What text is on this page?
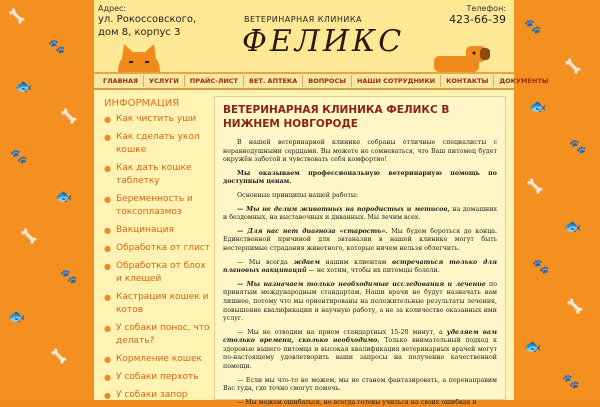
🦴
🐾
🐟
🦴
🐾
🐟
🦴
🐾
🐟
🦴
🐾
🦴
🐟
🐾
🦴
🐟
🐾
🦴
🐟
🐾
Адрес:
ул. Рокоссовского,
дом 8, корпус 3
Телефон:
423-66-39
ВЕТЕРИНАРНАЯ КЛИНИКА
ФЕЛИКС
ГЛАВНАЯ	УСЛУГИ	ПРАЙС-ЛИСТ	ВЕТ. АПТЕКА	ВОПРОСЫ	НАШИ СОТРУДНИКИ	КОНТАКТЫ	ДОКУМЕНТЫ
ИНФОРМАЦИЯ
● Как чистить уши
● Как сделать укол кошке
● Как дать кошке таблетку
● Беременность и токсоплазмоз
● Вакцинация
● Обработка от глист
● Обработка от блох и клещей
● Кастрация кошек и котов
● У собаки понос, что делать?
● Кормление кошек
● У собаки перхоть
● У собаки запор
ВЕТЕРИНАРНАЯ КЛИНИКА ФЕЛИКС В НИЖНЕМ НОВГОРОДЕ

В нашей ветеринарной клинике собраны отличные специалисты с неравнодушными сердцами. Вы можете не сомневаться, что Ваш питомец будет окружён заботой и чувствовать себя комфортно!

Мы оказываем профессиональную ветеринарную помощь по доступным ценам.

Основные принципы нашей работы:

— Мы не делим животных на породистых и метисов, на домашних и бездомных, на выставочных и диванных. Мы лечим всех.

— Для нас нет диагноза «старость». Мы будем бороться до конца. Единственной причиной для эвтаназии в нашей клинике могут быть нестерпимые страдания животного, которые ничем нельзя облегчить.

— Мы всегда ждаем нашим клиентам встречаться только для плановых вакцинаций — не хотим, чтобы их питомцы болели.

— Мы назначаем только необходимые исследования и лечение по принятым международным стандартам. Наши врачи не будут назначать вам лишнее, потому что мы ориентированы на положительные результаты лечения, повышение квалификации и научную работу, а не за количество оказанных ими услуг.

— Мы не отводим на прием стандартных 15-20 минут, а уделяем вам столько времени, сколько необходимо. Только внимательный подход к здоровью вашего питомца и высокая квалификация ветеринарных врачей могут по-настоящему удовлетворить ваши запросы на получение качественной помощи.

— Если мы что-то не можем, мы не станем фантазировать, а перенаправим Вас туда, где точно смогут помочь.

— Мы можем ошибаться, но всегда готовы учиться на своих ошибках и
